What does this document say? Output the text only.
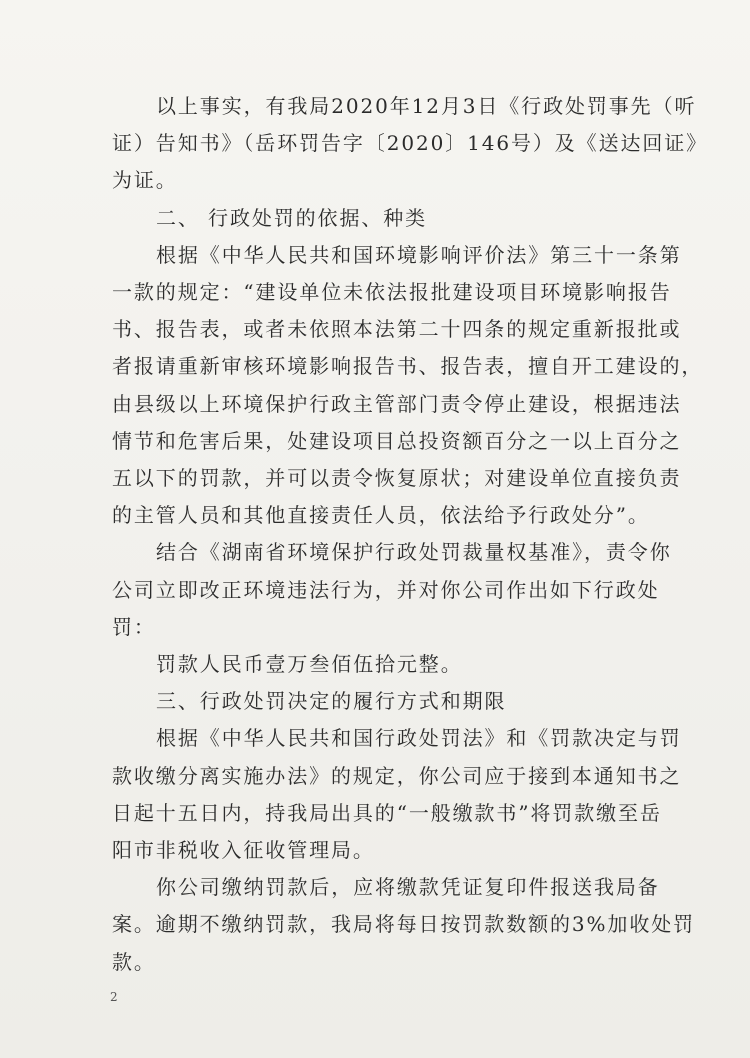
以上事实，有我局2020年12月3日《行政处罚事先（听
证）告知书》（岳环罚告字〔2020〕146号）及《送达回证》
为证。
二、 行政处罚的依据、种类
根据《中华人民共和国环境影响评价法》第三十一条第
一款的规定：“建设单位未依法报批建设项目环境影响报告
书、报告表，或者未依照本法第二十四条的规定重新报批或
者报请重新审核环境影响报告书、报告表，擅自开工建设的，
由县级以上环境保护行政主管部门责令停止建设，根据违法
情节和危害后果，处建设项目总投资额百分之一以上百分之
五以下的罚款，并可以责令恢复原状；对建设单位直接负责
的主管人员和其他直接责任人员，依法给予行政处分”。
结合《湖南省环境保护行政处罚裁量权基准》，责令你
公司立即改正环境违法行为，并对你公司作出如下行政处
罚：
罚款人民币壹万叁佰伍拾元整。
三、行政处罚决定的履行方式和期限
根据《中华人民共和国行政处罚法》和《罚款决定与罚
款收缴分离实施办法》的规定，你公司应于接到本通知书之
日起十五日内，持我局出具的“一般缴款书”将罚款缴至岳
阳市非税收入征收管理局。
你公司缴纳罚款后，应将缴款凭证复印件报送我局备
案。逾期不缴纳罚款，我局将每日按罚款数额的3%加收处罚
款。
2
